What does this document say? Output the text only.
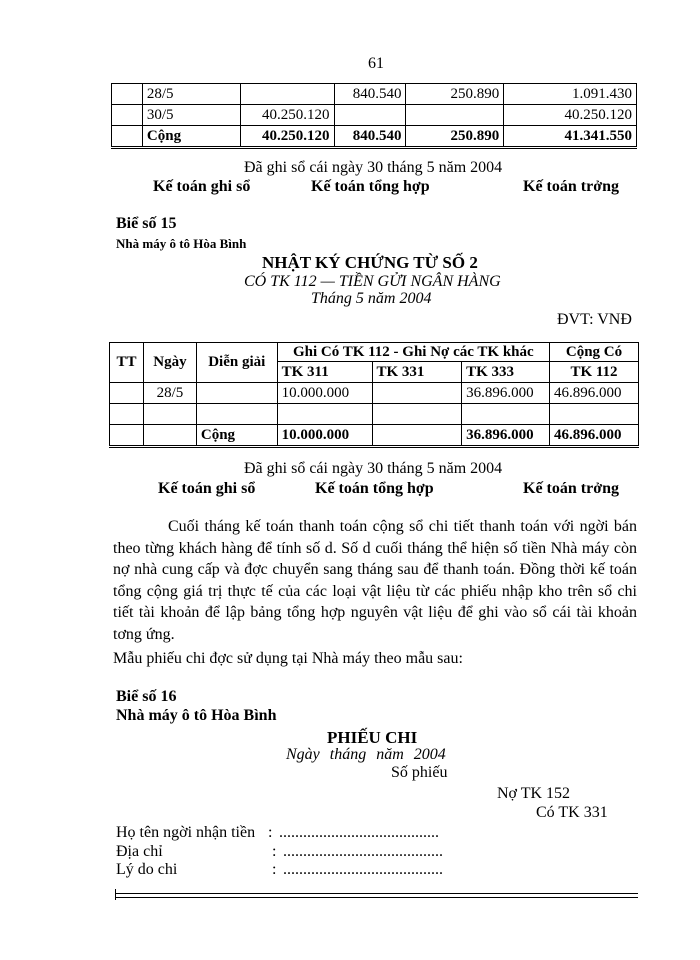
61
	28/5		840.540	250.890	1.091.430
	30/5	40.250.120			40.250.120
	Cộng	40.250.120	840.540	250.890	41.341.550
Đã ghi sổ cái ngày 30 tháng 5 năm 2004
Kế toán ghi sổ	Kế toán tổng hợp	Kế toán trởng
Biể số 15
Nhà máy ô tô Hòa Bình
NHẬT KÝ CHỨNG TỪ SỐ 2
CÓ TK 112 — TIỀN GỬI NGÂN HÀNG
Tháng 5 năm 2004
ĐVT: VNĐ
TT	Ngày	Diễn giải	Ghi Có TK 112 - Ghi Nợ các TK khác			Cộng Có
			TK 311	TK 331	TK 333	TK 112
	28/5		10.000.000		36.896.000	46.896.000

		Cộng	10.000.000		36.896.000	46.896.000
Đã ghi sổ cái ngày 30 tháng 5 năm 2004
Kế toán ghi sổ	Kế toán tổng hợp	Kế toán trởng

Cuối tháng kế toán thanh toán cộng sổ chi tiết thanh toán với ngời bán theo từng khách hàng để tính số d. Số d cuối tháng thể hiện số tiền Nhà máy còn nợ nhà cung cấp và đợc chuyển sang tháng sau để thanh toán. Đồng thời kế toán tổng cộng giá trị thực tế của các loại vật liệu từ các phiếu nhập kho trên sổ chi tiết tài khoản để lập bảng tổng hợp nguyên vật liệu để ghi vào sổ cái tài khoản tơng ứng.

Mẫu phiếu chi đợc sử dụng tại Nhà máy theo mẫu sau:
Biể số 16
Nhà máy ô tô Hòa Bình
PHIẾU CHI
Ngày tháng năm 2004
Số phiếu
Nợ TK 152
Có TK 331
Họ tên ngời nhận tiền : ........................................
Địa chỉ	: ........................................
Lý do chi	: ........................................
